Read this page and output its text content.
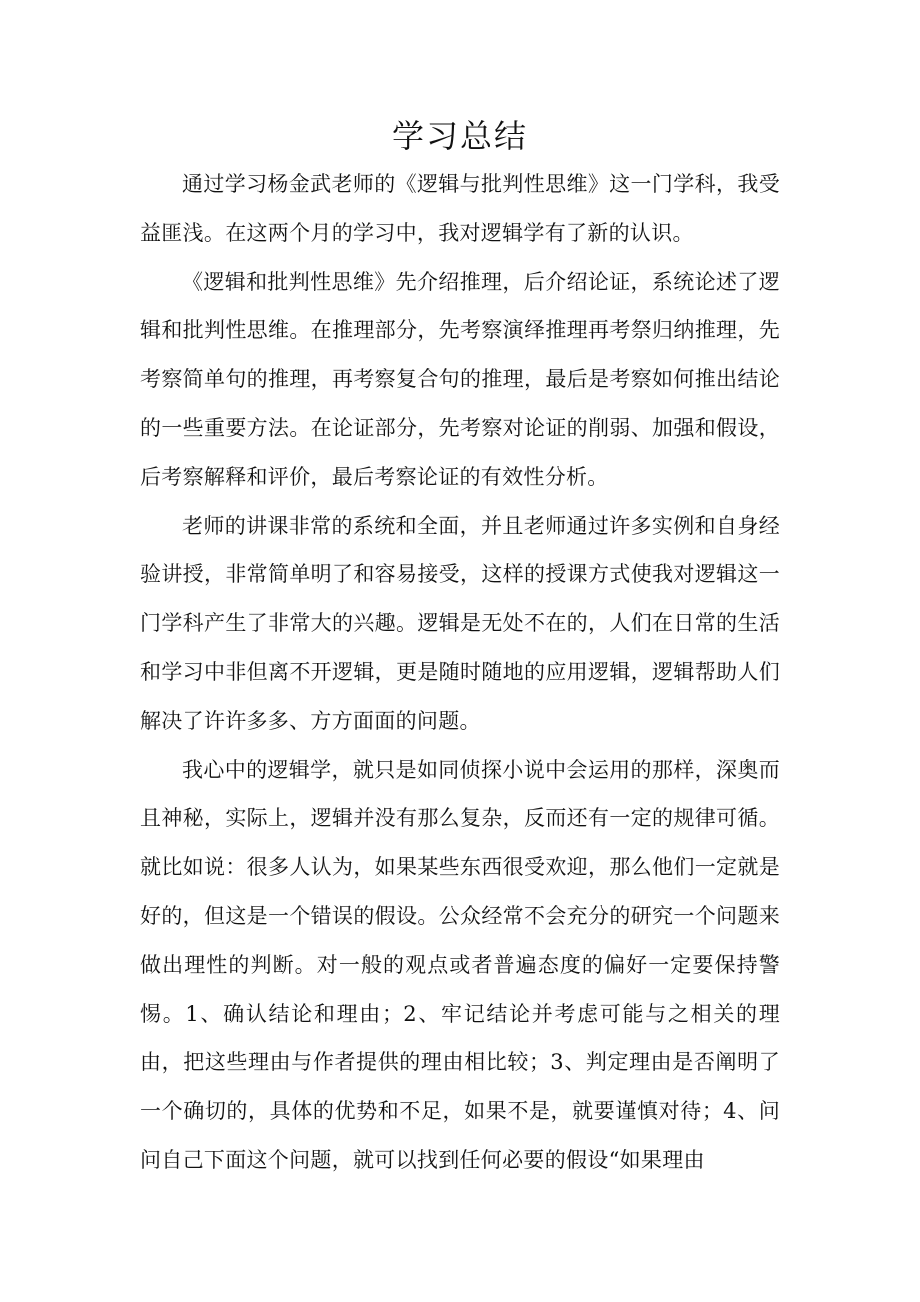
学习总结

通过学习杨金武老师的《逻辑与批判性思维》这一门学科，我受益匪浅。在这两个月的学习中，我对逻辑学有了新的认识。

《逻辑和批判性思维》先介绍推理，后介绍论证，系统论述了逻辑和批判性思维。在推理部分，先考察演绎推理再考祭归纳推理，先考察简单句的推理，再考察复合句的推理，最后是考察如何推出结论的一些重要方法。在论证部分，先考察对论证的削弱、加强和假设，后考察解释和评价，最后考察论证的有效性分析。

老师的讲课非常的系统和全面，并且老师通过许多实例和自身经验讲授，非常简单明了和容易接受，这样的授课方式使我对逻辑这一门学科产生了非常大的兴趣。逻辑是无处不在的，人们在日常的生活和学习中非但离不开逻辑，更是随时随地的应用逻辑，逻辑帮助人们解决了许许多多、方方面面的问题。

我心中的逻辑学，就只是如同侦探小说中会运用的那样，深奥而且神秘，实际上，逻辑并没有那么复杂，反而还有一定的规律可循。就比如说：很多人认为，如果某些东西很受欢迎，那么他们一定就是好的，但这是一个错误的假设。公众经常不会充分的研究一个问题来做出理性的判断。对一般的观点或者普遍态度的偏好一定要保持警惕。1、确认结论和理由；2、牢记结论并考虑可能与之相关的理由，把这些理由与作者提供的理由相比较；3、判定理由是否阐明了一个确切的，具体的优势和不足，如果不是，就要谨慎对待；4、问问自己下面这个问题，就可以找到任何必要的假设“如果理由
